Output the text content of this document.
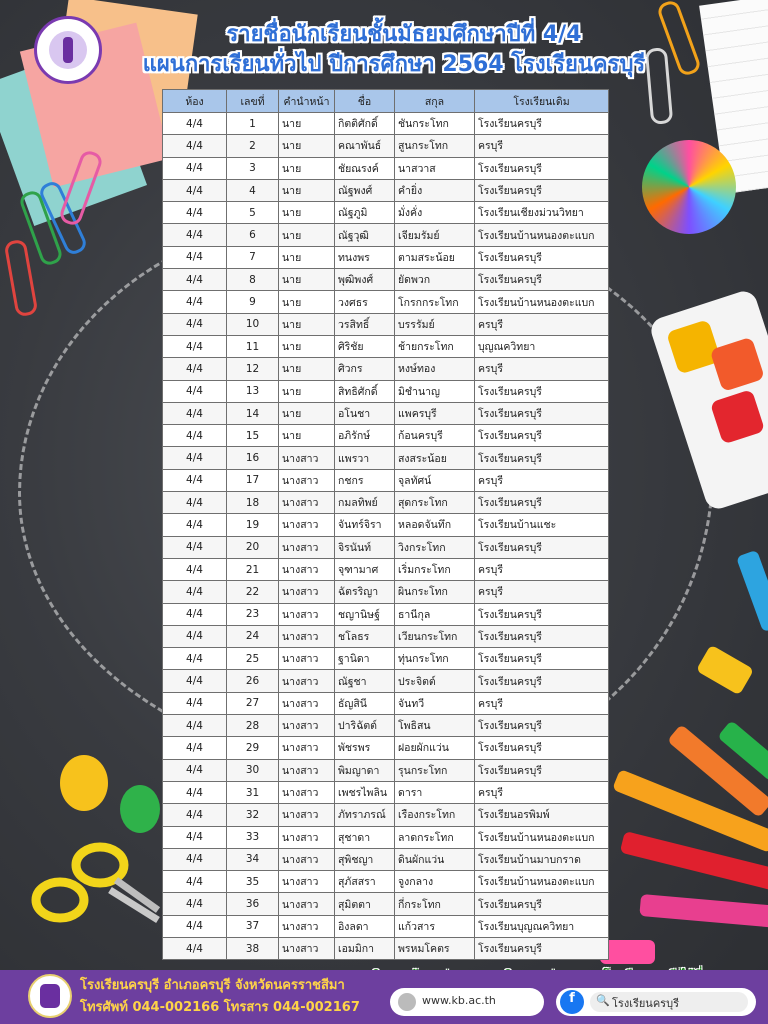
รายชื่อนักเรียนชั้นมัธยมศึกษาปีที่ 4/4
แผนการเรียนทั่วไป ปีการศึกษา 2564 โรงเรียนครบุรี
ห้อง	เลขที่	คำนำหน้า	ชื่อ	สกุล	โรงเรียนเดิม
4/4	1	นาย	กิตติศักดิ์	ชันกระโทก	โรงเรียนครบุรี
4/4	2	นาย	คณาพันธ์	สูนกระโทก	ครบุรี
4/4	3	นาย	ชัยณรงค์	นาสวาส	โรงเรียนครบุรี
4/4	4	นาย	ณัฐพงศ์	คำยิ่ง	โรงเรียนครบุรี
4/4	5	นาย	ณัฐภูมิ	มั่งคั่ง	โรงเรียนเชียงม่วนวิทยา
4/4	6	นาย	ณัฐวุฒิ	เจียมรัมย์	โรงเรียนบ้านหนองตะแบก
4/4	7	นาย	ทนงพร	ตามสระน้อย	โรงเรียนครบุรี
4/4	8	นาย	พุฒิพงศ์	ยัดพวก	โรงเรียนครบุรี
4/4	9	นาย	วงศธร	โกรกกระโทก	โรงเรียนบ้านหนองตะแบก
4/4	10	นาย	วรสิทธิ์	บรรรัมย์	ครบุรี
4/4	11	นาย	ศิริชัย	ช้ายกระโทก	บุญณควิทยา
4/4	12	นาย	ศิวกร	หงษ์ทอง	ครบุรี
4/4	13	นาย	สิทธิศักดิ์	มิชำนาญ	โรงเรียนครบุรี
4/4	14	นาย	อโนชา	แพครบุรี	โรงเรียนครบุรี
4/4	15	นาย	อภิรักษ์	ก้อนครบุรี	โรงเรียนครบุรี
4/4	16	นางสาว	แพรวา	สงสระน้อย	โรงเรียนครบุรี
4/4	17	นางสาว	กชกร	จุลทัศน์	ครบุรี
4/4	18	นางสาว	กมลทิพย์	สุดกระโทก	โรงเรียนครบุรี
4/4	19	นางสาว	จันทร์จิรา	หลอดจันทึก	โรงเรียนบ้านแชะ
4/4	20	นางสาว	จิรนันท์	วิงกระโทก	โรงเรียนครบุรี
4/4	21	นางสาว	จุฑามาศ	เริ่มกระโทก	ครบุรี
4/4	22	นางสาว	ฉัตรริญา	ผินกระโทก	ครบุรี
4/4	23	นางสาว	ชญานิษฐ์	ธานีกุล	โรงเรียนครบุรี
4/4	24	นางสาว	ชโลธร	เวียนกระโทก	โรงเรียนครบุรี
4/4	25	นางสาว	ฐานิดา	ทุ่นกระโทก	โรงเรียนครบุรี
4/4	26	นางสาว	ณัฐชา	ประจิตต์	โรงเรียนครบุรี
4/4	27	นางสาว	ธัญสินี	จันทวี	ครบุรี
4/4	28	นางสาว	ปาริฉัตต์	โพธิสน	โรงเรียนครบุรี
4/4	29	นางสาว	พัชรพร	ฝอยผักแว่น	โรงเรียนครบุรี
4/4	30	นางสาว	พิมญาดา	รุนกระโทก	โรงเรียนครบุรี
4/4	31	นางสาว	เพชรไพลิน	ดารา	ครบุรี
4/4	32	นางสาว	ภัทราภรณ์	เรืองกระโทก	โรงเรียนอรพิมพ์
4/4	33	นางสาว	สุชาดา	ลาดกระโทก	โรงเรียนบ้านหนองตะแบก
4/4	34	นางสาว	สุพิชญา	ดินผักแว่น	โรงเรียนบ้านมาบกราด
4/4	35	นางสาว	สุภัสสรา	จูงกลาง	โรงเรียนบ้านหนองตะแบก
4/4	36	นางสาว	สุมิตตา	กี่กระโทก	โรงเรียนครบุรี
4/4	37	นางสาว	อิงลดา	แก้วสาร	โรงเรียนบุญณควิทยา
4/4	38	นางสาว	เอมมิกา	พรหมโคตร	โรงเรียนครบุรี
โรงเรียนครบุรี อำเภอครบุรี จังหวัดนครราชสีมา
โทรศัพท์ 044-002166 โทรสาร 044-002167	www.kb.ac.th	f	🔍 โรงเรียนครบุรี
